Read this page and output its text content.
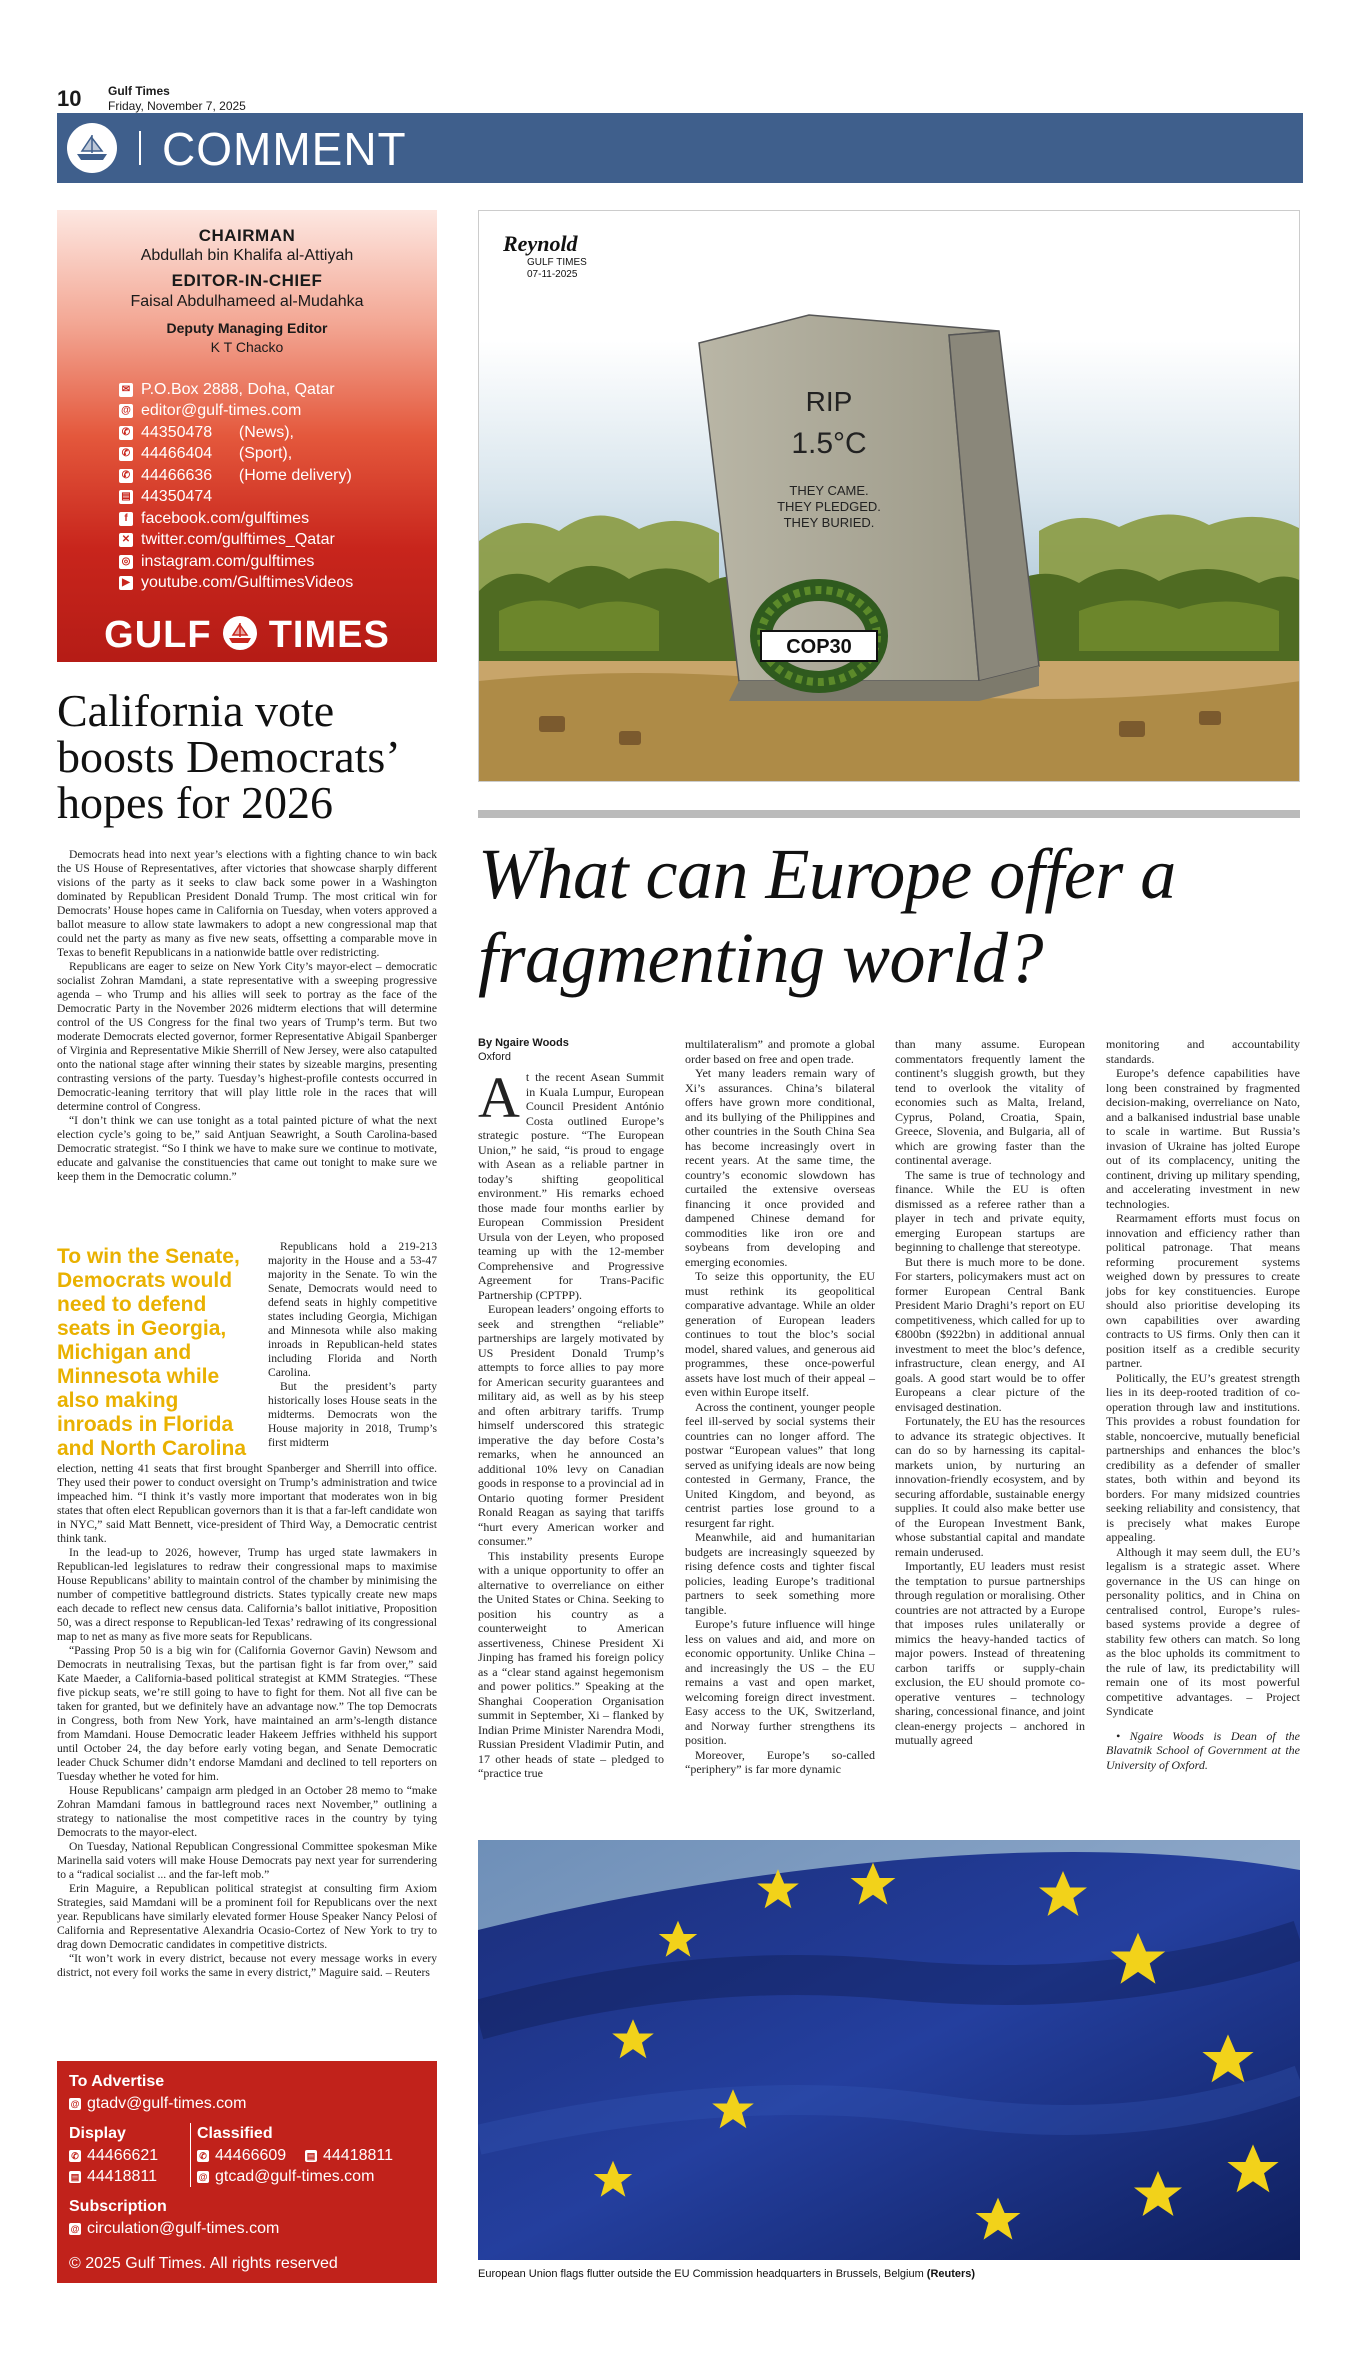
10 Gulf Times
Friday, November 7, 2025
COMMENT
CHAIRMAN
Abdullah bin Khalifa al-Attiyah
EDITOR-IN-CHIEF
Faisal Abdulhameed al-Mudahka
Deputy Managing Editor
K T Chacko
✉ P.O.Box 2888, Doha, Qatar
@ editor@gulf-times.com
✆ 44350478      (News),
✆ 44466404      (Sport),
✆ 44466636      (Home delivery)
▤ 44350474
f facebook.com/gulftimes
✕ twitter.com/gulftimes_Qatar
◎ instagram.com/gulftimes
▶ youtube.com/GulftimesVideos
GULF TIMES
California vote boosts Democrats’ hopes for 2026

Democrats head into next year’s elections with a fighting chance to win back the US House of Representatives, after victories that showcase sharply different visions of the party as it seeks to claw back some power in a Washington dominated by Republican President Donald Trump. The most critical win for Democrats’ House hopes came in California on Tuesday, when voters approved a ballot measure to allow state lawmakers to adopt a new congressional map that could net the party as many as five new seats, offsetting a comparable move in Texas to benefit Republicans in a nationwide battle over redistricting.

Republicans are eager to seize on New York City’s mayor-elect – democratic socialist Zohran Mamdani, a state representative with a sweeping progressive agenda – who Trump and his allies will seek to portray as the face of the Democratic Party in the November 2026 midterm elections that will determine control of the US Congress for the final two years of Trump’s term. But two moderate Democrats elected governor, former Representative Abigail Spanberger of Virginia and Representative Mikie Sherrill of New Jersey, were also catapulted onto the national stage after winning their states by sizeable margins, presenting contrasting versions of the party. Tuesday’s highest-profile contests occurred in Democratic-leaning territory that will play little role in the races that will determine control of Congress.

“I don’t think we can use tonight as a total painted picture of what the next election cycle’s going to be,” said Antjuan Seawright, a South Carolina-based Democratic strategist. “So I think we have to make sure we continue to motivate, educate and galvanise the constituencies that came out tonight to make sure we keep them in the Democratic column.”

To win the Senate, Democrats would need to defend seats in Georgia, Michigan and Minnesota while also making inroads in Florida and North Carolina

Republicans hold a 219-213 majority in the House and a 53-47 majority in the Senate. To win the Senate, Democrats would need to defend seats in highly competitive states including Georgia, Michigan and Minnesota while also making inroads in Republican-held states including Florida and North Carolina.

But the president’s party historically loses House seats in the midterms. Democrats won the House majority in 2018, Trump’s first midterm

election, netting 41 seats that first brought Spanberger and Sherrill into office. They used their power to conduct oversight on Trump’s administration and twice impeached him. “I think it’s vastly more important that moderates won in big states that often elect Republican governors than it is that a far-left candidate won in NYC,” said Matt Bennett, vice-president of Third Way, a Democratic centrist think tank.

In the lead-up to 2026, however, Trump has urged state lawmakers in Republican-led legislatures to redraw their congressional maps to maximise House Republicans’ ability to maintain control of the chamber by minimising the number of competitive battleground districts. States typically create new maps each decade to reflect new census data. California’s ballot initiative, Proposition 50, was a direct response to Republican-led Texas’ redrawing of its congressional map to net as many as five more seats for Republicans.

“Passing Prop 50 is a big win for (California Governor Gavin) Newsom and Democrats in neutralising Texas, but the partisan fight is far from over,” said Kate Maeder, a California-based political strategist at KMM Strategies. “These five pickup seats, we’re still going to have to fight for them. Not all five can be taken for granted, but we definitely have an advantage now.” The top Democrats in Congress, both from New York, have maintained an arm’s-length distance from Mamdani. House Democratic leader Hakeem Jeffries withheld his support until October 24, the day before early voting began, and Senate Democratic leader Chuck Schumer didn’t endorse Mamdani and declined to tell reporters on Tuesday whether he voted for him.

House Republicans’ campaign arm pledged in an October 28 memo to “make Zohran Mamdani famous in battleground races next November,” outlining a strategy to nationalise the most competitive races in the country by tying Democrats to the mayor-elect.

On Tuesday, National Republican Congressional Committee spokesman Mike Marinella said voters will make House Democrats pay next year for surrendering to a “radical socialist ... and the far-left mob.”

Erin Maguire, a Republican political strategist at consulting firm Axiom Strategies, said Mamdani will be a prominent foil for Republicans over the next year. Republicans have similarly elevated former House Speaker Nancy Pelosi of California and Representative Alexandria Ocasio-Cortez of New York to try to drag down Democratic candidates in competitive districts.

“It won’t work in every district, because not every message works in every district, not every foil works the same in every district,” Maguire said. – Reuters

To Advertise
@ gtadv@gulf-times.com
Display
✆ 44466621
▤ 44418811
Classified
✆ 44466609 ▤ 44418811
@ gtcad@gulf-times.com
Subscription
@ circulation@gulf-times.com
© 2025 Gulf Times. All rights reserved
RIP
1.5°C
THEY CAME.
THEY PLEDGED.
THEY BURIED.
COP30
Rеynold
GULF TIMES
07-11-2025
What can Europe offer a fragmenting world?
By Ngaire Woods
Oxford

At the recent Asean Summit in Kuala Lumpur, European Council President António Costa outlined Europe’s strategic posture. “The European Union,” he said, “is proud to engage with Asean as a reliable partner in today’s shifting geopolitical environment.” His remarks echoed those made four months earlier by European Commission President Ursula von der Leyen, who proposed teaming up with the 12-member Comprehensive and Progressive Agreement for Trans-Pacific Partnership (CPTPP).

European leaders’ ongoing efforts to seek and strengthen “reliable” partnerships are largely motivated by US President Donald Trump’s attempts to force allies to pay more for American security guarantees and military aid, as well as by his steep and often arbitrary tariffs. Trump himself underscored this strategic imperative the day before Costa’s remarks, when he announced an additional 10% levy on Canadian goods in response to a provincial ad in Ontario quoting former President Ronald Reagan as saying that tariffs “hurt every American worker and consumer.”

This instability presents Europe with a unique opportunity to offer an alternative to overreliance on either the United States or China. Seeking to position his country as a counterweight to American assertiveness, Chinese President Xi Jinping has framed his foreign policy as a “clear stand against hegemonism and power politics.” Speaking at the Shanghai Cooperation Organisation summit in September, Xi – flanked by Indian Prime Minister Narendra Modi, Russian President Vladimir Putin, and 17 other heads of state – pledged to “practice true

multilateralism” and promote a global order based on free and open trade.

Yet many leaders remain wary of Xi’s assurances. China’s bilateral offers have grown more conditional, and its bullying of the Philippines and other countries in the South China Sea has become increasingly overt in recent years. At the same time, the country’s economic slowdown has curtailed the extensive overseas financing it once provided and dampened Chinese demand for commodities like iron ore and soybeans from developing and emerging economies.

To seize this opportunity, the EU must rethink its geopolitical comparative advantage. While an older generation of European leaders continues to tout the bloc’s social model, shared values, and generous aid programmes, these once-powerful assets have lost much of their appeal – even within Europe itself.

Across the continent, younger people feel ill-served by social systems their countries can no longer afford. The postwar “European values” that long served as unifying ideals are now being contested in Germany, France, the United Kingdom, and beyond, as centrist parties lose ground to a resurgent far right.

Meanwhile, aid and humanitarian budgets are increasingly squeezed by rising defence costs and tighter fiscal policies, leading Europe’s traditional partners to seek something more tangible.

Europe’s future influence will hinge less on values and aid, and more on economic opportunity. Unlike China – and increasingly the US – the EU remains a vast and open market, welcoming foreign direct investment. Easy access to the UK, Switzerland, and Norway further strengthens its position.

Moreover, Europe’s so-called “periphery” is far more dynamic

than many assume. European commentators frequently lament the continent’s sluggish growth, but they tend to overlook the vitality of economies such as Malta, Ireland, Cyprus, Poland, Croatia, Spain, Greece, Slovenia, and Bulgaria, all of which are growing faster than the continental average.

The same is true of technology and finance. While the EU is often dismissed as a referee rather than a player in tech and private equity, emerging European startups are beginning to challenge that stereotype.

But there is much more to be done. For starters, policymakers must act on former European Central Bank President Mario Draghi’s report on EU competitiveness, which called for up to €800bn ($922bn) in additional annual investment to meet the bloc’s defence, infrastructure, clean energy, and AI goals. A good start would be to offer Europeans a clear picture of the envisaged destination.

Fortunately, the EU has the resources to advance its strategic objectives. It can do so by harnessing its capital-markets union, by nurturing an innovation-friendly ecosystem, and by securing affordable, sustainable energy supplies. It could also make better use of the European Investment Bank, whose substantial capital and mandate remain underused.

Importantly, EU leaders must resist the temptation to pursue partnerships through regulation or moralising. Other countries are not attracted by a Europe that imposes rules unilaterally or mimics the heavy-handed tactics of major powers. Instead of threatening carbon tariffs or supply-chain exclusion, the EU should promote co-operative ventures – technology sharing, concessional finance, and joint clean-energy projects – anchored in mutually agreed

monitoring and accountability standards.

Europe’s defence capabilities have long been constrained by fragmented decision-making, overreliance on Nato, and a balkanised industrial base unable to scale in wartime. But Russia’s invasion of Ukraine has jolted Europe out of its complacency, uniting the continent, driving up military spending, and accelerating investment in new technologies.

Rearmament efforts must focus on innovation and efficiency rather than political patronage. That means reforming procurement systems weighed down by pressures to create jobs for key constituencies. Europe should also prioritise developing its own capabilities over awarding contracts to US firms. Only then can it position itself as a credible security partner.

Politically, the EU’s greatest strength lies in its deep-rooted tradition of co-operation through law and institutions. This provides a robust foundation for stable, noncoercive, mutually beneficial partnerships and enhances the bloc’s credibility as a defender of smaller states, both within and beyond its borders. For many midsized countries seeking reliability and consistency, that is precisely what makes Europe appealing.

Although it may seem dull, the EU’s legalism is a strategic asset. Where governance in the US can hinge on personality politics, and in China on centralised control, Europe’s rules-based systems provide a degree of stability few others can match. So long as the bloc upholds its commitment to the rule of law, its predictability will remain one of its most powerful competitive advantages. – Project Syndicate

• Ngaire Woods is Dean of the Blavatnik School of Government at the University of Oxford.

European Union flags flutter outside the EU Commission headquarters in Brussels, Belgium (Reuters)
